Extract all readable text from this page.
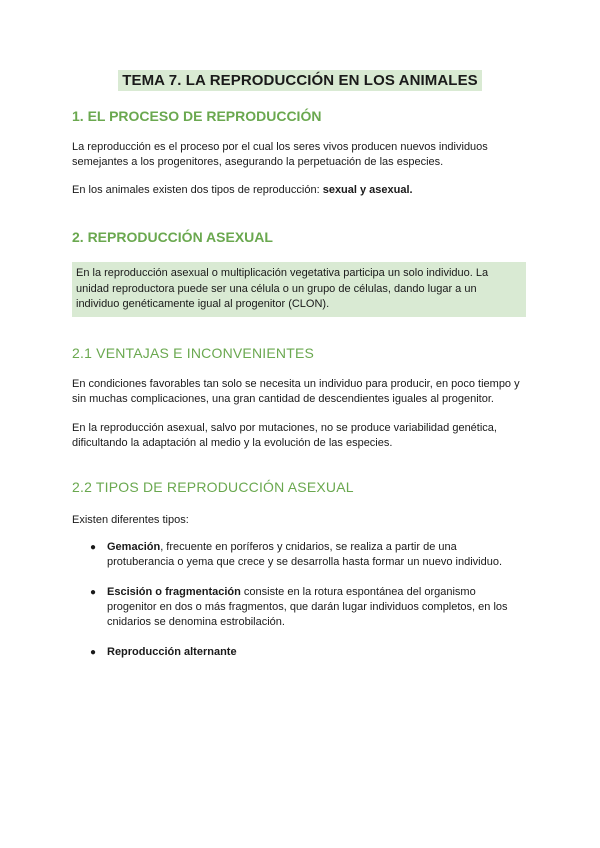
TEMA 7. LA REPRODUCCIÓN EN LOS ANIMALES
1. EL PROCESO DE REPRODUCCIÓN
La reproducción es el proceso por el cual los seres vivos producen nuevos individuos
semejantes a los progenitores, asegurando la perpetuación de las especies.
En los animales existen dos tipos de reproducción: sexual y asexual.
2. REPRODUCCIÓN ASEXUAL
En la reproducción asexual o multiplicación vegetativa participa un solo individuo. La
unidad reproductora puede ser una célula o un grupo de células, dando lugar a un
individuo genéticamente igual al progenitor (CLON).
2.1 VENTAJAS E INCONVENIENTES
En condiciones favorables tan solo se necesita un individuo para producir, en poco tiempo y
sin muchas complicaciones, una gran cantidad de descendientes iguales al progenitor.
En la reproducción asexual, salvo por mutaciones, no se produce variabilidad genética,
dificultando la adaptación al medio y la evolución de las especies.
2.2 TIPOS DE REPRODUCCIÓN ASEXUAL
Existen diferentes tipos:
● Gemación, frecuente en poríferos y cnidarios, se realiza a partir de una
protuberancia o yema que crece y se desarrolla hasta formar un nuevo individuo.
● Escisión o fragmentación consiste en la rotura espontánea del organismo
progenitor en dos o más fragmentos, que darán lugar individuos completos, en los
cnidarios se denomina estrobilación.
● Reproducción alternante
